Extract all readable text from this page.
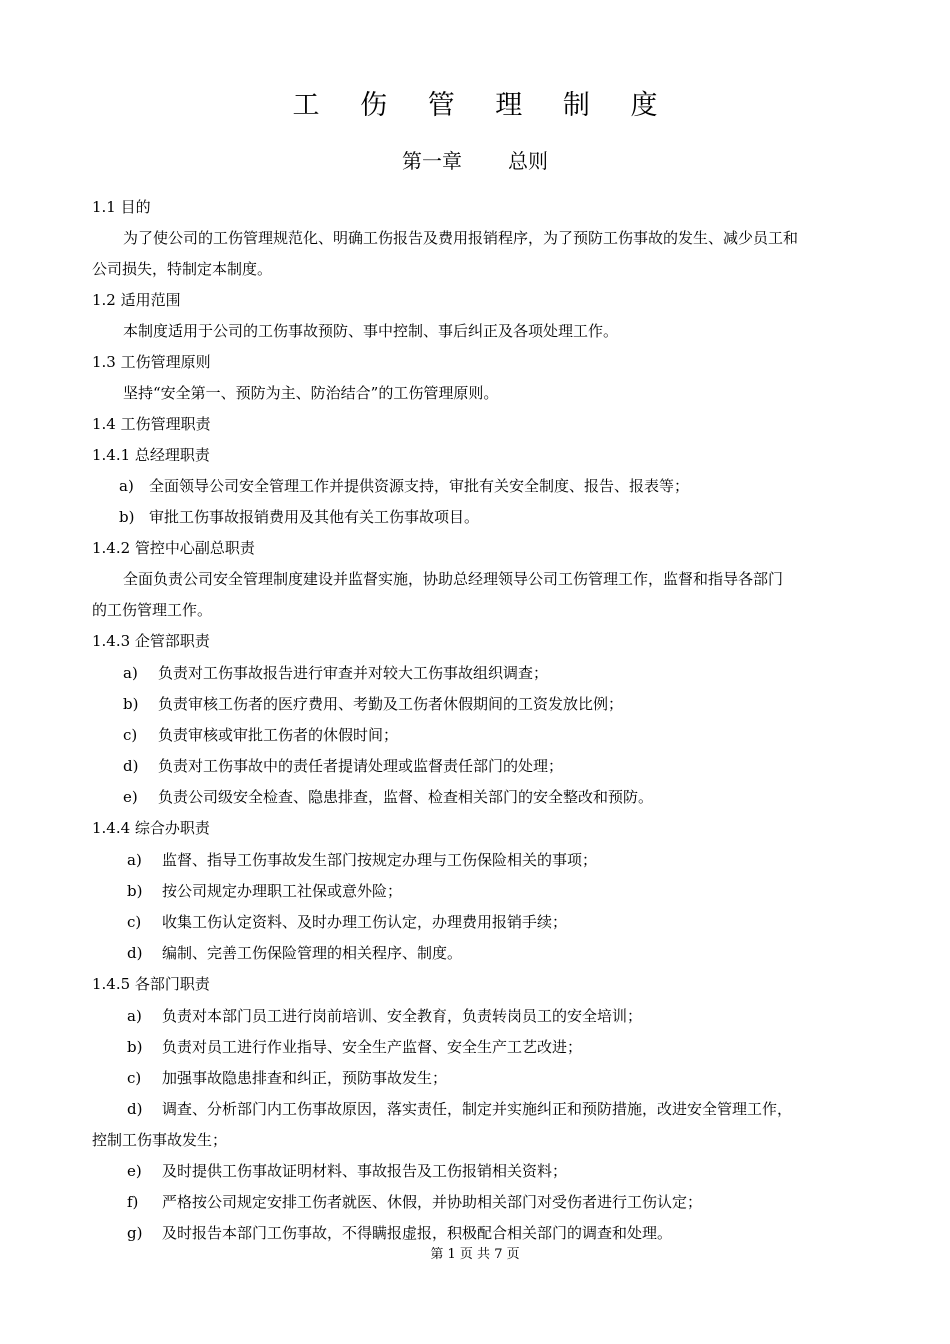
工 伤 管 理 制 度
第一章 总则
1.1 目的
为了使公司的工伤管理规范化、明确工伤报告及费用报销程序，为了预防工伤事故的发生、减少员工和
公司损失，特制定本制度。
1.2 适用范围
本制度适用于公司的工伤事故预防、事中控制、事后纠正及各项处理工作。
1.3 工伤管理原则
坚持“安全第一、预防为主、防治结合”的工伤管理原则。
1.4 工伤管理职责
1.4.1 总经理职责
a) 全面领导公司安全管理工作并提供资源支持，审批有关安全制度、报告、报表等；
b) 审批工伤事故报销费用及其他有关工伤事故项目。
1.4.2 管控中心副总职责
全面负责公司安全管理制度建设并监督实施，协助总经理领导公司工伤管理工作，监督和指导各部门
的工伤管理工作。
1.4.3 企管部职责
a) 负责对工伤事故报告进行审查并对较大工伤事故组织调查；
b) 负责审核工伤者的医疗费用、考勤及工伤者休假期间的工资发放比例；
c) 负责审核或审批工伤者的休假时间；
d) 负责对工伤事故中的责任者提请处理或监督责任部门的处理；
e) 负责公司级安全检查、隐患排查，监督、检查相关部门的安全整改和预防。
1.4.4 综合办职责
a) 监督、指导工伤事故发生部门按规定办理与工伤保险相关的事项；
b) 按公司规定办理职工社保或意外险；
c) 收集工伤认定资料、及时办理工伤认定，办理费用报销手续；
d) 编制、完善工伤保险管理的相关程序、制度。
1.4.5 各部门职责
a) 负责对本部门员工进行岗前培训、安全教育，负责转岗员工的安全培训；
b) 负责对员工进行作业指导、安全生产监督、安全生产工艺改进；
c) 加强事故隐患排查和纠正，预防事故发生；
d) 调查、分析部门内工伤事故原因，落实责任，制定并实施纠正和预防措施，改进安全管理工作，
控制工伤事故发生；
e) 及时提供工伤事故证明材料、事故报告及工伤报销相关资料；
f) 严格按公司规定安排工伤者就医、休假，并协助相关部门对受伤者进行工伤认定；
g) 及时报告本部门工伤事故，不得瞒报虚报，积极配合相关部门的调查和处理。
第 1 页 共 7 页
